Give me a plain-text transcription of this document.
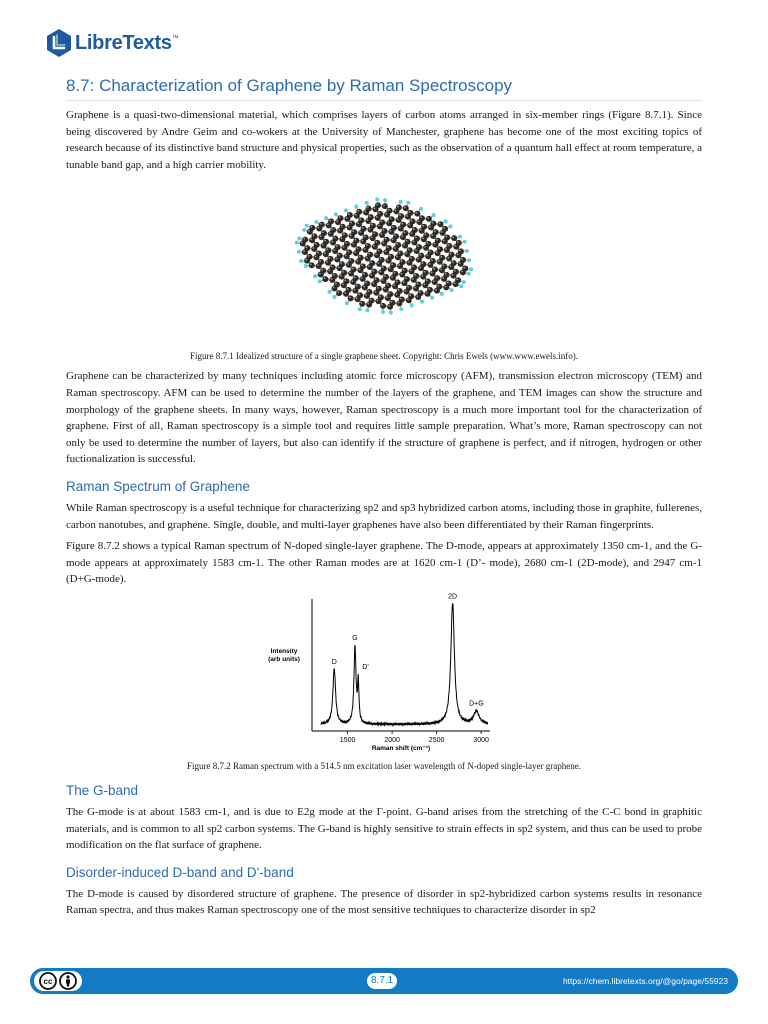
LibreTexts ™
8.7: Characterization of Graphene by Raman Spectroscopy

Graphene is a quasi-two-dimensional material, which comprises layers of carbon atoms arranged in six-member rings (Figure 8.7.1). Since being discovered by Andre Geim and co-wokers at the University of Manchester, graphene has become one of the most exciting topics of research because of its distinctive band structure and physical properties, such as the observation of a quantum hall effect at room temperature, a tunable band gap, and a high carrier mobility.

Figure 8.7.1 Idealized structure of a single graphene sheet. Copyright: Chris Ewels (www.www.ewels.info).

Graphene can be characterized by many techniques including atomic force microscopy (AFM), transmission electron microscopy (TEM) and Raman spectroscopy. AFM can be used to determine the number of the layers of the graphene, and TEM images can show the structure and morphology of the graphene sheets. In many ways, however, Raman spectroscopy is a much more important tool for the characterization of graphene. First of all, Raman spectroscopy is a simple tool and requires little sample preparation. What’s more, Raman spectroscopy can not only be used to determine the number of layers, but also can identify if the structure of graphene is perfect, and if nitrogen, hydrogen or other fuctionalization is successful.

Raman Spectrum of Graphene

While Raman spectroscopy is a useful technique for characterizing sp2 and sp3 hybridized carbon atoms, including those in graphite, fullerenes, carbon nanotubes, and graphene. Single, double, and multi-layer graphenes have also been differentiated by their Raman fingerprints.

Figure 8.7.2 shows a typical Raman spectrum of N-doped single-layer graphene. The D-mode, appears at approximately 1350 cm-1, and the G-mode appears at approximately 1583 cm-1. The other Raman modes are at 1620 cm-1 (D’- mode), 2680 cm-1 (2D-mode), and 2947 cm-1 (D+G-mode).

1500	2000	2500	3000
Raman shift (cm⁻¹)
Intensity (arb units)	D
G
D'
2D
D+G
Figure 8.7.2 Raman spectrum with a 514.5 nm excitation laser wavelength of N-doped single-layer graphene.
The G-band

The G-mode is at about 1583 cm-1, and is due to E2g mode at the Γ-point. G-band arises from the stretching of the C-C bond in graphitic materials, and is common to all sp2 carbon systems. The G-band is highly sensitive to strain effects in sp2 system, and thus can be used to probe modification on the flat surface of graphene.

Disorder-induced D-band and D'-band

The D-mode is caused by disordered structure of graphene. The presence of disorder in sp2-hybridized carbon systems results in resonance Raman spectra, and thus makes Raman spectroscopy one of the most sensitive techniques to characterize disorder in sp2

cc	8.7.1	https://chem.libretexts.org/@go/page/55923
